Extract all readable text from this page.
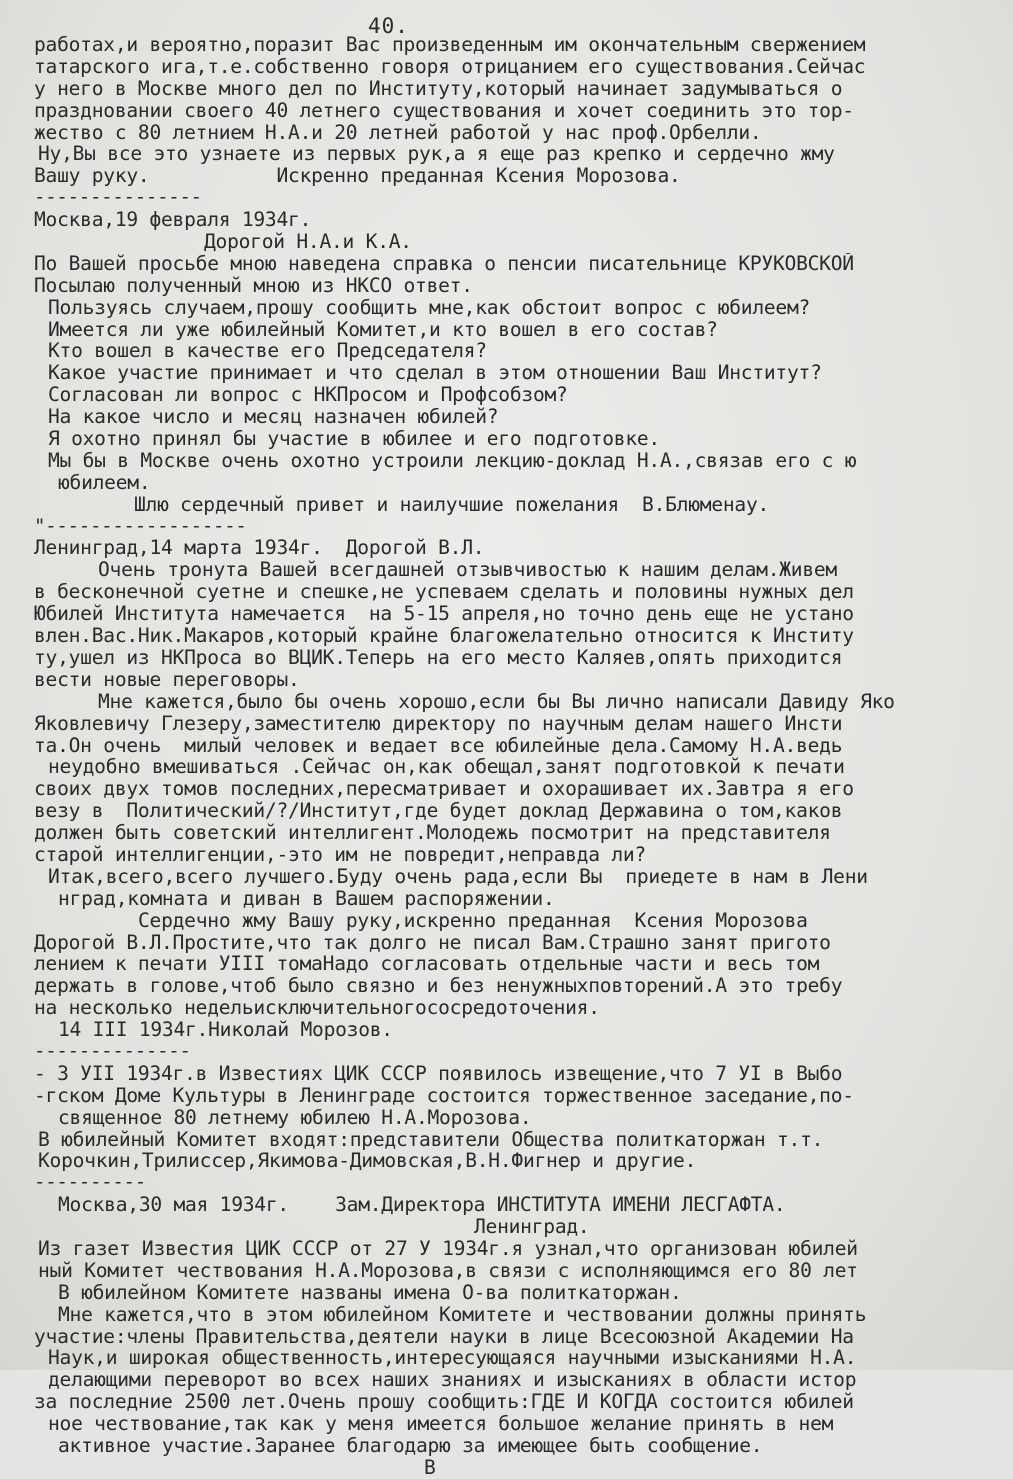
40.
работах,и вероятно,поразит Вас произведенным им окончательным свержением
татарского ига,т.е.собственно говоря отрицанием его существования.Сейчас
у него в Москве много дел по Институту,который начинает задумываться о
праздновании своего 40 летнего существования и хочет соединить это тор-
жество с 80 летнием Н.А.и 20 летней работой у нас проф.Орбелли.
Ну,Вы все это узнаете из первых рук,а я еще раз крепко и сердечно жму
Вашу руку.           Искренно преданная Ксения Морозова.
---------------
Москва,19 февраля 1934г.
Дорогой Н.А.и К.А.
По Вашей просьбе мною наведена справка о пенсии писательнице КРУКОВСКОЙ
Посылаю полученный мною из НКСО ответ.
Пользуясь случаем,прошу сообщить мне,как обстоит вопрос с юбилеем?
Имеется ли уже юбилейный Комитет,и кто вошел в его состав?
Кто вошел в качестве его Председателя?
Какое участие принимает и что сделал в этом отношении Ваш Институт?
Согласован ли вопрос с НКПросом и Профсобзом?
На какое число и месяц назначен юбилей?
Я охотно принял бы участие в юбилее и его подготовке.
Мы бы в Москве очень охотно устроили лекцию-доклад Н.А.,связав его с ю
юбилеем.
Шлю сердечный привет и наилучшие пожелания  В.Блюменау.
"------------------
Ленинград,14 марта 1934г.  Дорогой В.Л.
Очень тронута Вашей всегдашней отзывчивостью к нашим делам.Живем
в бесконечной суетне и спешке,не успеваем сделать и половины нужных дел
Юбилей Института намечается  на 5-15 апреля,но точно день еще не устано
влен.Вас.Ник.Макаров,который крайне благожелательно относится к Институ
ту,ушел из НКПроса во ВЦИК.Теперь на его место Каляев,опять приходится
вести новые переговоры.
Мне кажется,было бы очень хорошо,если бы Вы лично написали Давиду Яко
Яковлевичу Глезеру,заместителю директору по научным делам нашего Инсти
та.Он очень  милый человек и ведает все юбилейные дела.Самому Н.А.ведь
неудобно вмешиваться .Сейчас он,как обещал,занят подготовкой к печати
своих двух томов последних,пересматривает и охорашивает их.Завтра я его
везу в  Политический/?/Институт,где будет доклад Державина о том,каков
должен быть советский интеллигент.Молодежь посмотрит на представителя
старой интеллигенции,-это им не повредит,неправда ли?
Итак,всего,всего лучшего.Буду очень рада,если Вы  приедете в нам в Лени
нград,комната и диван в Вашем распоряжении.
Сердечно жму Вашу руку,искренно преданная  Ксения Морозова
Дорогой В.Л.Простите,что так долго не писал Вам.Страшно занят пригото
лением к печати УIII томаНадо согласовать отдельные части и весь том
держать в голове,чтоб было связно и без ненужныхповторений.А это требу
на несколько недельисключительногососредоточения.
14 III 1934г.Николай Морозов.
--------------
- 3 УII 1934г.в Известиях ЦИК СССР появилось извещение,что 7 УI в Выбо
-гском Доме Культуры в Ленинграде состоится торжественное заседание,по-
священное 80 летнему юбилею Н.А.Морозова.
В юбилейный Комитет входят:представители Общества политкаторжан т.т.
Корочкин,Трилиссер,Якимова-Димовская,В.Н.Фигнер и другие.
----------
Москва,30 мая 1934г.    Зам.Директора ИНСТИТУТА ИМЕНИ ЛЕСГАФТА.
Ленинград.
Из газет Известия ЦИК СССР от 27 У 1934г.я узнал,что организован юбилей
ный Комитет чествования Н.А.Морозова,в связи с исполняющимся его 80 лет
В юбилейном Комитете названы имена О-ва политкаторжан.
Мне кажется,что в этом юбилейном Комитете и чествовании должны принять
участие:члены Правительства,деятели науки в лице Всесоюзной Академии На
Наук,и широкая общественность,интересующаяся научными изысканиями Н.А.
делающими переворот во всех наших знаниях и изысканиях в области истор
за последние 2500 лет.Очень прошу сообщить:ГДЕ И КОГДА состоится юбилей
ное чествование,так как у меня имеется большое желание принять в нем
активное участие.Заранее благодарю за имеющее быть сообщение.
В
